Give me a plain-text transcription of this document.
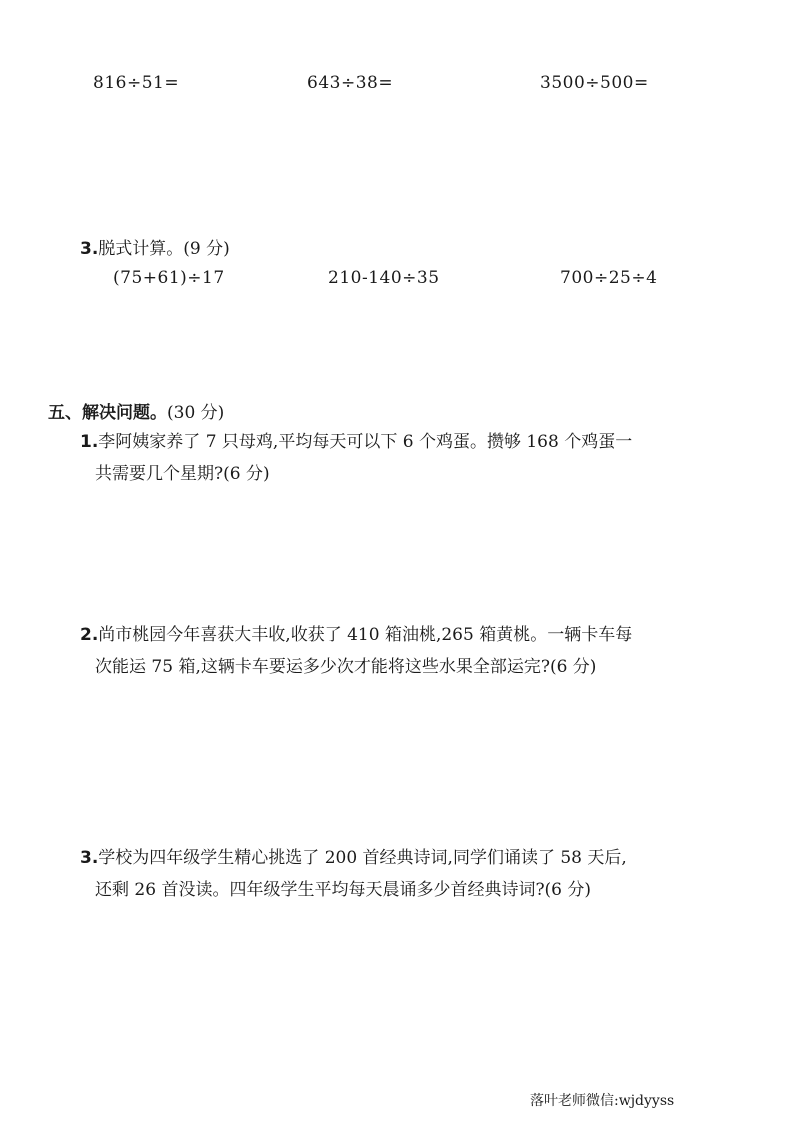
816÷51=	643÷38=	3500÷500=
3.脱式计算。(9 分)
(75+61)÷17	210-140÷35	700÷25÷4
五、解决问题。(30 分)
1.李阿姨家养了 7 只母鸡,平均每天可以下 6 个鸡蛋。攒够 168 个鸡蛋一
共需要几个星期?(6 分)
2.尚市桃园今年喜获大丰收,收获了 410 箱油桃,265 箱黄桃。一辆卡车每
次能运 75 箱,这辆卡车要运多少次才能将这些水果全部运完?(6 分)
3.学校为四年级学生精心挑选了 200 首经典诗词,同学们诵读了 58 天后,
还剩 26 首没读。四年级学生平均每天晨诵多少首经典诗词?(6 分)
落叶老师微信:wjdyyss
